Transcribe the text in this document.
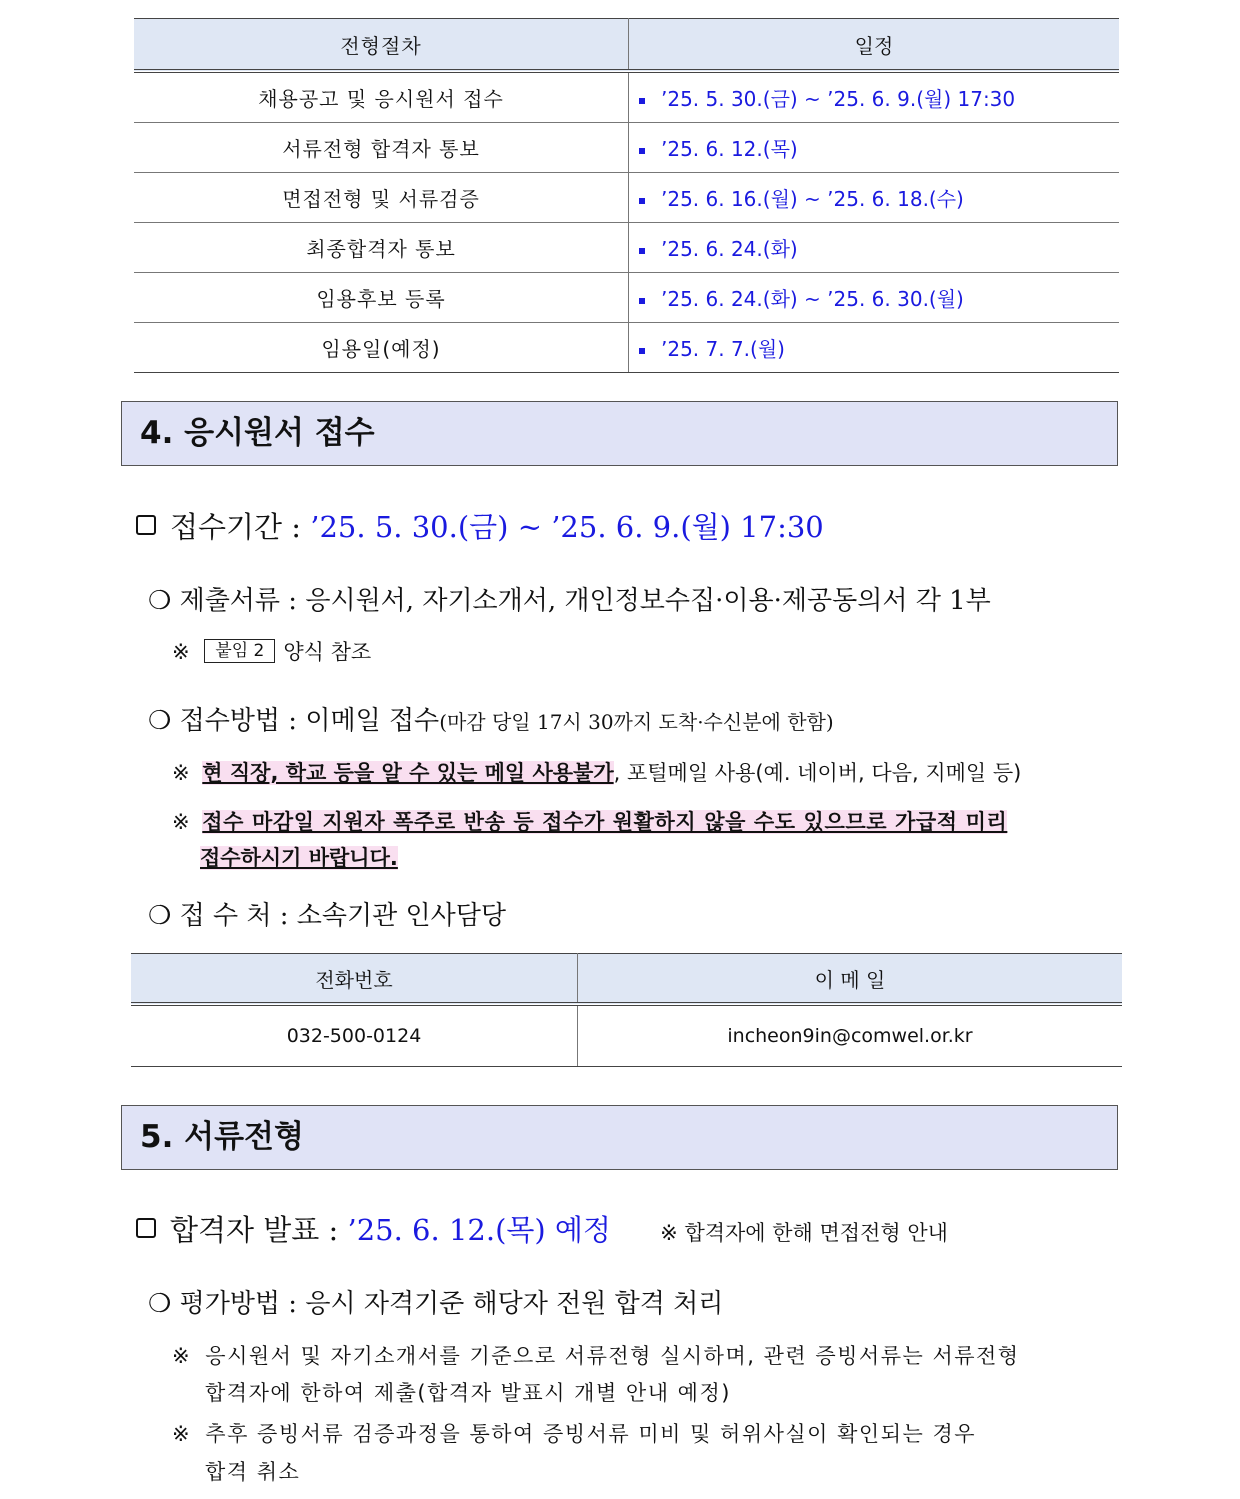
전형절차	일정
채용공고 및 응시원서 접수	’25. 5. 30.(금) ~ ’25. 6. 9.(월) 17:30
서류전형 합격자 통보	’25. 6. 12.(목)
면접전형 및 서류검증	’25. 6. 16.(월) ~ ’25. 6. 18.(수)
최종합격자 통보	’25. 6. 24.(화)
임용후보 등록	’25. 6. 24.(화) ~ ’25. 6. 30.(월)
임용일(예정)	’25. 7. 7.(월)
4. 응시원서 접수
접수기간 : ’25. 5. 30.(금) ~ ’25. 6. 9.(월) 17:30
❍ 제출서류 : 응시원서, 자기소개서, 개인정보수집·이용·제공동의서 각 1부
※ 붙임 2 양식 참조
❍ 접수방법 : 이메일 접수(마감 당일 17시 30까지 도착·수신분에 한함)
※ 현 직장, 학교 등을 알 수 있는 메일 사용불가, 포털메일 사용(예. 네이버, 다음, 지메일 등)
※ 접수 마감일 지원자 폭주로 반송 등 접수가 원활하지 않을 수도 있으므로 가급적 미리
접수하시기 바랍니다.
❍ 접 수 처 : 소속기관 인사담당
전화번호	이 메 일
032-500-0124	incheon9in@comwel.or.kr
5. 서류전형
합격자 발표 : ’25. 6. 12.(목) 예정 ※ 합격자에 한해 면접전형 안내
❍ 평가방법 : 응시 자격기준 해당자 전원 합격 처리
※ 응시원서 및 자기소개서를 기준으로 서류전형 실시하며, 관련 증빙서류는 서류전형
합격자에 한하여 제출(합격자 발표시 개별 안내 예정)
※ 추후 증빙서류 검증과정을 통하여 증빙서류 미비 및 허위사실이 확인되는 경우
합격 취소
